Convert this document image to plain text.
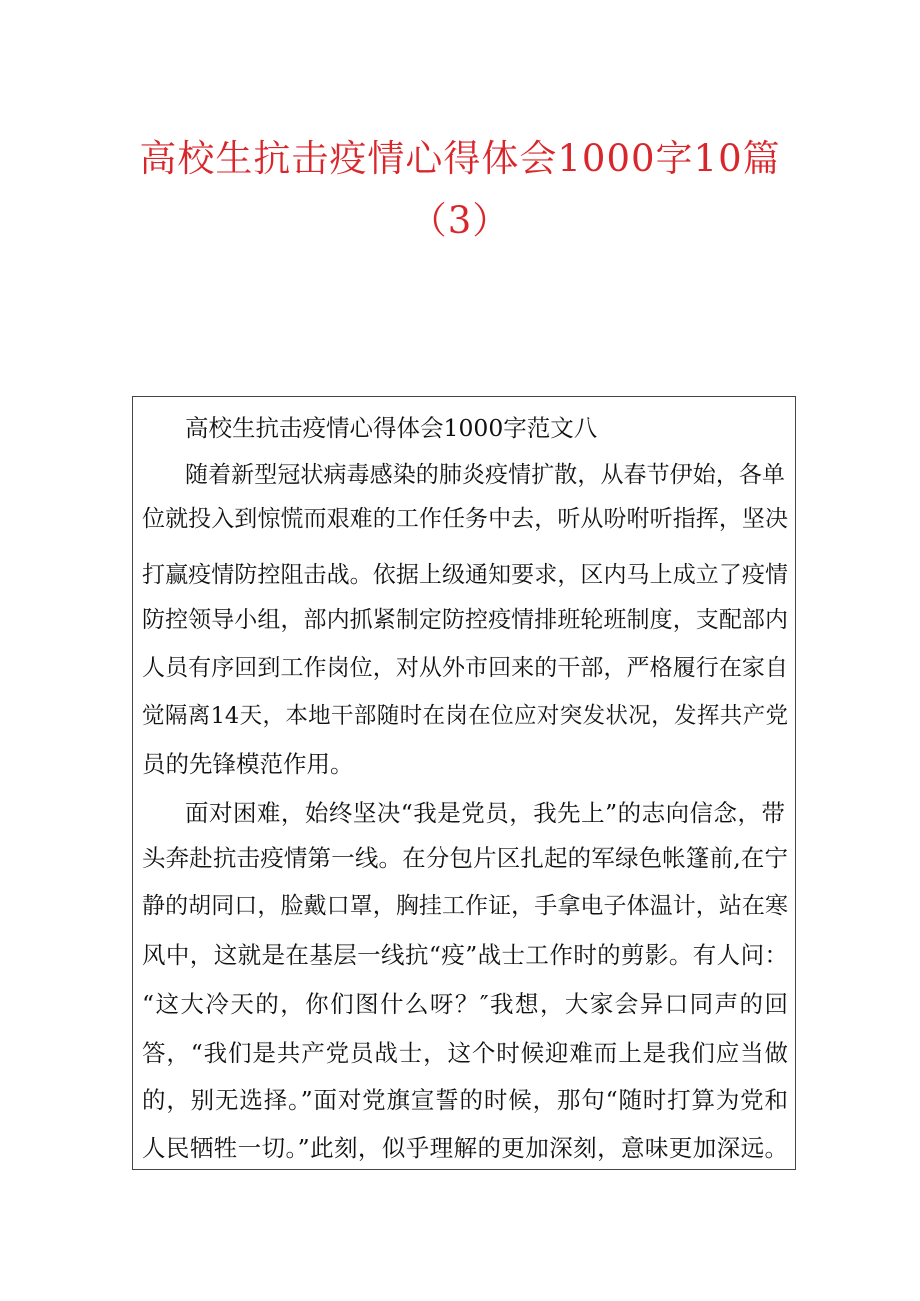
高校生抗击疫情心得体会1000字10篇
（3）
高校生抗击疫情心得体会1000字范文八
随着新型冠状病毒感染的肺炎疫情扩散，从春节伊始，各单
位就投入到惊慌而艰难的工作任务中去，听从吩咐听指挥，坚决
打赢疫情防控阻击战。依据上级通知要求，区内马上成立了疫情
防控领导小组，部内抓紧制定防控疫情排班轮班制度，支配部内
人员有序回到工作岗位，对从外市回来的干部，严格履行在家自
觉隔离14天，本地干部随时在岗在位应对突发状况，发挥共产党
员的先锋模范作用。
面对困难，始终坚决“我是党员，我先上”的志向信念，带
头奔赴抗击疫情第一线。在分包片区扎起的军绿色帐篷前,在宁
静的胡同口，脸戴口罩，胸挂工作证，手拿电子体温计，站在寒
风中，这就是在基层一线抗“疫”战士工作时的剪影。有人问：
“这大冷天的，你们图什么呀？″我想，大家会异口同声的回
答，“我们是共产党员战士，这个时候迎难而上是我们应当做
的，别无选择。”面对党旗宣誓的时候，那句“随时打算为党和
人民牺牲一切。”此刻，似乎理解的更加深刻，意味更加深远。
